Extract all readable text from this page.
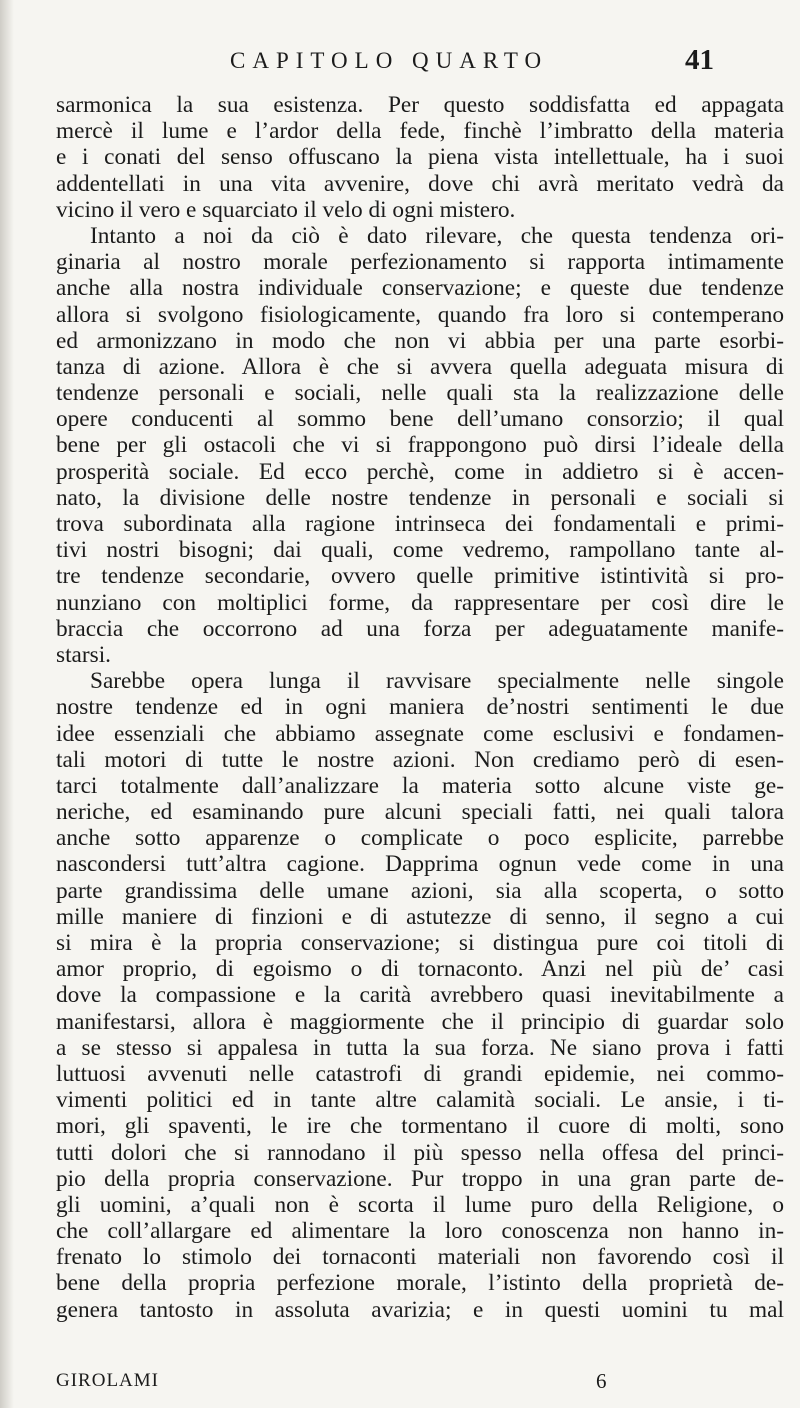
CAPITOLO QUARTO	41
sarmonica la sua esistenza. Per questo soddisfatta ed appagata
mercè il lume e l’ardor della fede, finchè l’imbratto della materia
e i conati del senso offuscano la piena vista intellettuale, ha i suoi
addentellati in una vita avvenire, dove chi avrà meritato vedrà da
vicino il vero e squarciato il velo di ogni mistero.
Intanto a noi da ciò è dato rilevare, che questa tendenza ori-
ginaria al nostro morale perfezionamento si rapporta intimamente
anche alla nostra individuale conservazione; e queste due tendenze
allora si svolgono fisiologicamente, quando fra loro si contemperano
ed armonizzano in modo che non vi abbia per una parte esorbi-
tanza di azione. Allora è che si avvera quella adeguata misura di
tendenze personali e sociali, nelle quali sta la realizzazione delle
opere conducenti al sommo bene dell’umano consorzio; il qual
bene per gli ostacoli che vi si frappongono può dirsi l’ideale della
prosperità sociale. Ed ecco perchè, come in addietro si è accen-
nato, la divisione delle nostre tendenze in personali e sociali si
trova subordinata alla ragione intrinseca dei fondamentali e primi-
tivi nostri bisogni; dai quali, come vedremo, rampollano tante al-
tre tendenze secondarie, ovvero quelle primitive istintività si pro-
nunziano con moltiplici forme, da rappresentare per così dire le
braccia che occorrono ad una forza per adeguatamente manife-
starsi.
Sarebbe opera lunga il ravvisare specialmente nelle singole
nostre tendenze ed in ogni maniera de’nostri sentimenti le due
idee essenziali che abbiamo assegnate come esclusivi e fondamen-
tali motori di tutte le nostre azioni. Non crediamo però di esen-
tarci totalmente dall’analizzare la materia sotto alcune viste ge-
neriche, ed esaminando pure alcuni speciali fatti, nei quali talora
anche sotto apparenze o complicate o poco esplicite, parrebbe
nascondersi tutt’altra cagione. Dapprima ognun vede come in una
parte grandissima delle umane azioni, sia alla scoperta, o sotto
mille maniere di finzioni e di astutezze di senno, il segno a cui
si mira è la propria conservazione; si distingua pure coi titoli di
amor proprio, di egoismo o di tornaconto. Anzi nel più de’ casi
dove la compassione e la carità avrebbero quasi inevitabilmente a
manifestarsi, allora è maggiormente che il principio di guardar solo
a se stesso si appalesa in tutta la sua forza. Ne siano prova i fatti
luttuosi avvenuti nelle catastrofi di grandi epidemie, nei commo-
vimenti politici ed in tante altre calamità sociali. Le ansie, i ti-
mori, gli spaventi, le ire che tormentano il cuore di molti, sono
tutti dolori che si rannodano il più spesso nella offesa del princi-
pio della propria conservazione. Pur troppo in una gran parte de-
gli uomini, a’quali non è scorta il lume puro della Religione, o
che coll’allargare ed alimentare la loro conoscenza non hanno in-
frenato lo stimolo dei tornaconti materiali non favorendo così il
bene della propria perfezione morale, l’istinto della proprietà de-
genera tantosto in assoluta avarizia; e in questi uomini tu mal
GIROLAMI	6
